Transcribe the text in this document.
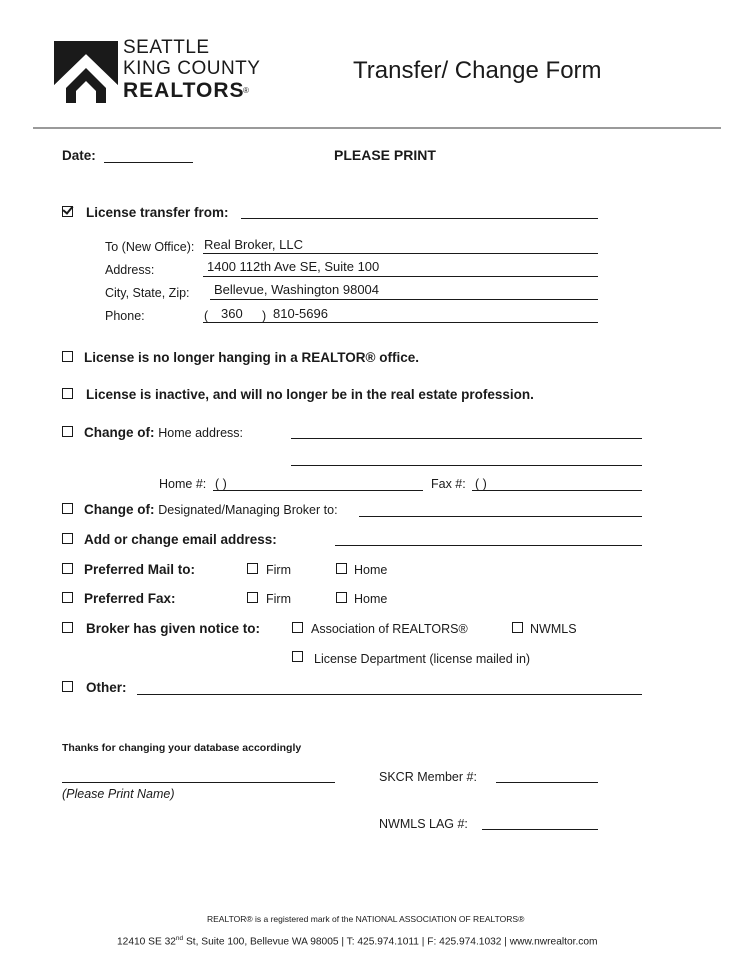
SEATTLE
KING COUNTY
REALTORS
®
Transfer/ Change Form
Date:	PLEASE PRINT
License transfer from:
To (New Office): Real Broker, LLC
Address:	1400 112th Ave SE, Suite 100
City, State, Zip: Bellevue, Washington 98004
Phone:	( 360 ) 810-5696
License is no longer hanging in a REALTOR® office.
License is inactive, and will no longer be in the real estate profession.
Change of: Home address:
Home #: ( )	Fax #: ( )
Change of: Designated/Managing Broker to:
Add or change email address:
Preferred Mail to:	Firm	Home
Preferred Fax:	Firm	Home
Broker has given notice to:	Association of REALTORS®	NWMLS
License Department (license mailed in)
Other:
Thanks for changing your database accordingly
(Please Print Name)
SKCR Member #:
NWMLS LAG #:
REALTOR® is a registered mark of the NATIONAL ASSOCIATION OF REALTORS®
12410 SE 32nd St, Suite 100, Bellevue WA 98005 | T: 425.974.1011 | F: 425.974.1032 | www.nwrealtor.com
